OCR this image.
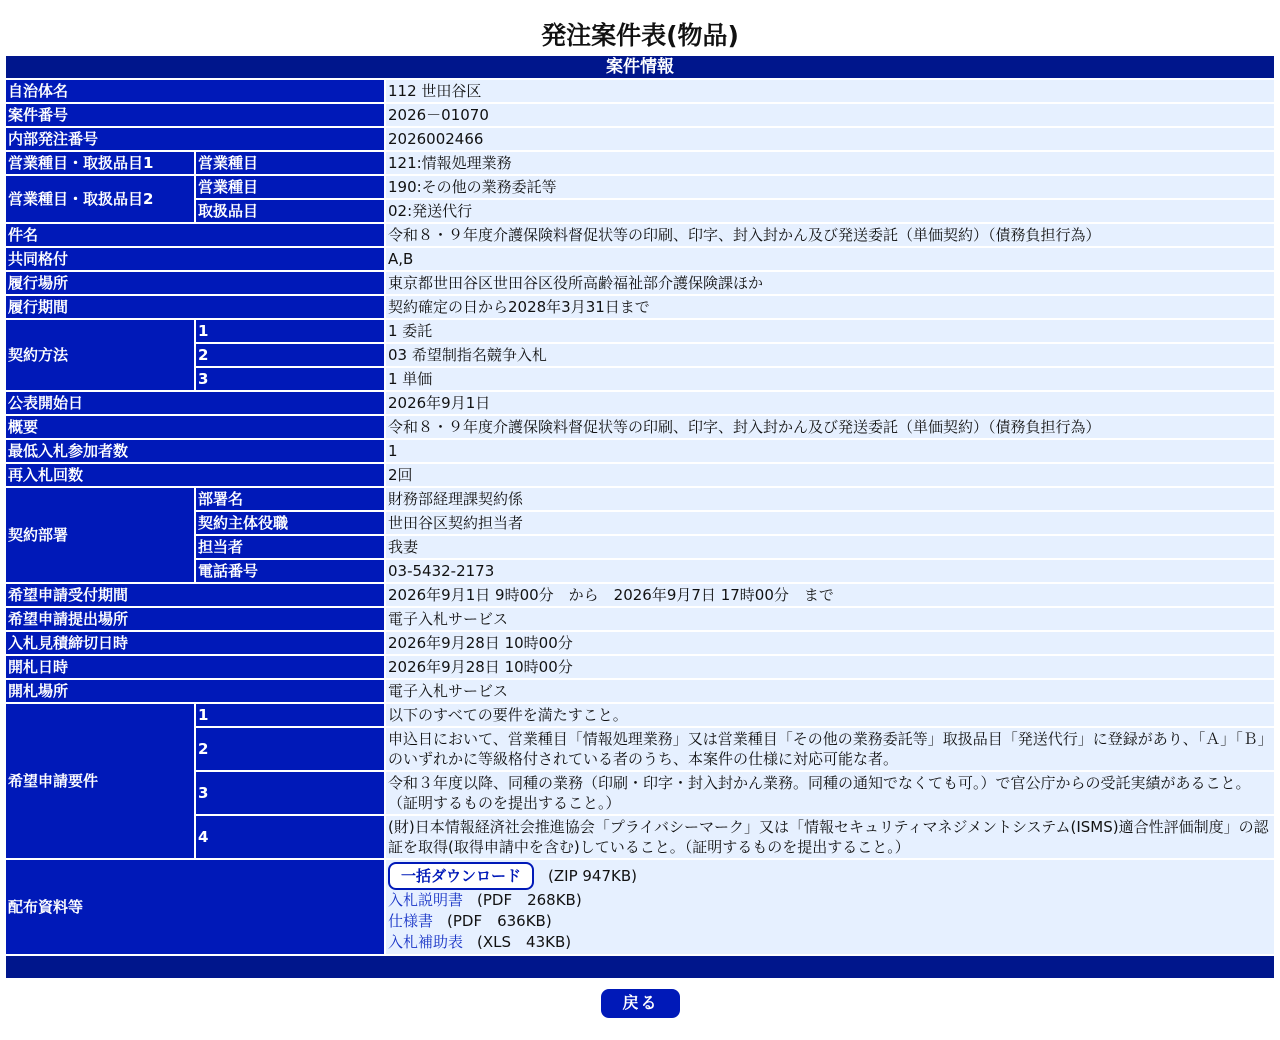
発注案件表(物品)
案件情報		
自治体名		112 世田谷区
案件番号		2026－01070
内部発注番号		2026002466
営業種目・取扱品目1	営業種目	121:情報処理業務
営業種目・取扱品目2	営業種目	190:その他の業務委託等
	取扱品目	02:発送代行
件名		令和８・９年度介護保険料督促状等の印刷、印字、封入封かん及び発送委託（単価契約）（債務負担行為）
共同格付		A,B
履行場所		東京都世田谷区世田谷区役所高齢福祉部介護保険課ほか
履行期間		契約確定の日から2028年3月31日まで
契約方法	1	1 委託
	2	03 希望制指名競争入札
	3	1 単価
公表開始日		2026年9月1日
概要		令和８・９年度介護保険料督促状等の印刷、印字、封入封かん及び発送委託（単価契約）（債務負担行為）
最低入札参加者数		1
再入札回数		2回
契約部署	部署名	財務部経理課契約係
	契約主体役職	世田谷区契約担当者
	担当者	我妻
	電話番号	03-5432-2173
希望申請受付期間		2026年9月1日 9時00分　から　2026年9月7日 17時00分　まで
希望申請提出場所		電子入札サービス
入札見積締切日時		2026年9月28日 10時00分
開札日時		2026年9月28日 10時00分
開札場所		電子入札サービス
希望申請要件	1	以下のすべての要件を満たすこと。
	2	申込日において、営業種目「情報処理業務」又は営業種目「その他の業務委託等」取扱品目「発送代行」に登録があり、「Ａ」「Ｂ」のいずれかに等級格付されている者のうち、本案件の仕様に対応可能な者。
	3	令和３年度以降、同種の業務（印刷・印字・封入封かん業務。同種の通知でなくても可。）で官公庁からの受託実績があること。（証明するものを提出すること。）
	4	(財)日本情報経済社会推進協会「プライバシーマーク」又は「情報セキュリティマネジメントシステム(ISMS)適合性評価制度」の認証を取得(取得申請中を含む)していること。（証明するものを提出すること。）
配布資料等		一括ダウンロード (ZIP 947KB)
入札説明書 (PDF　268KB)
仕様書 (PDF　636KB)
入札補助表 (XLS　43KB)

戻る
